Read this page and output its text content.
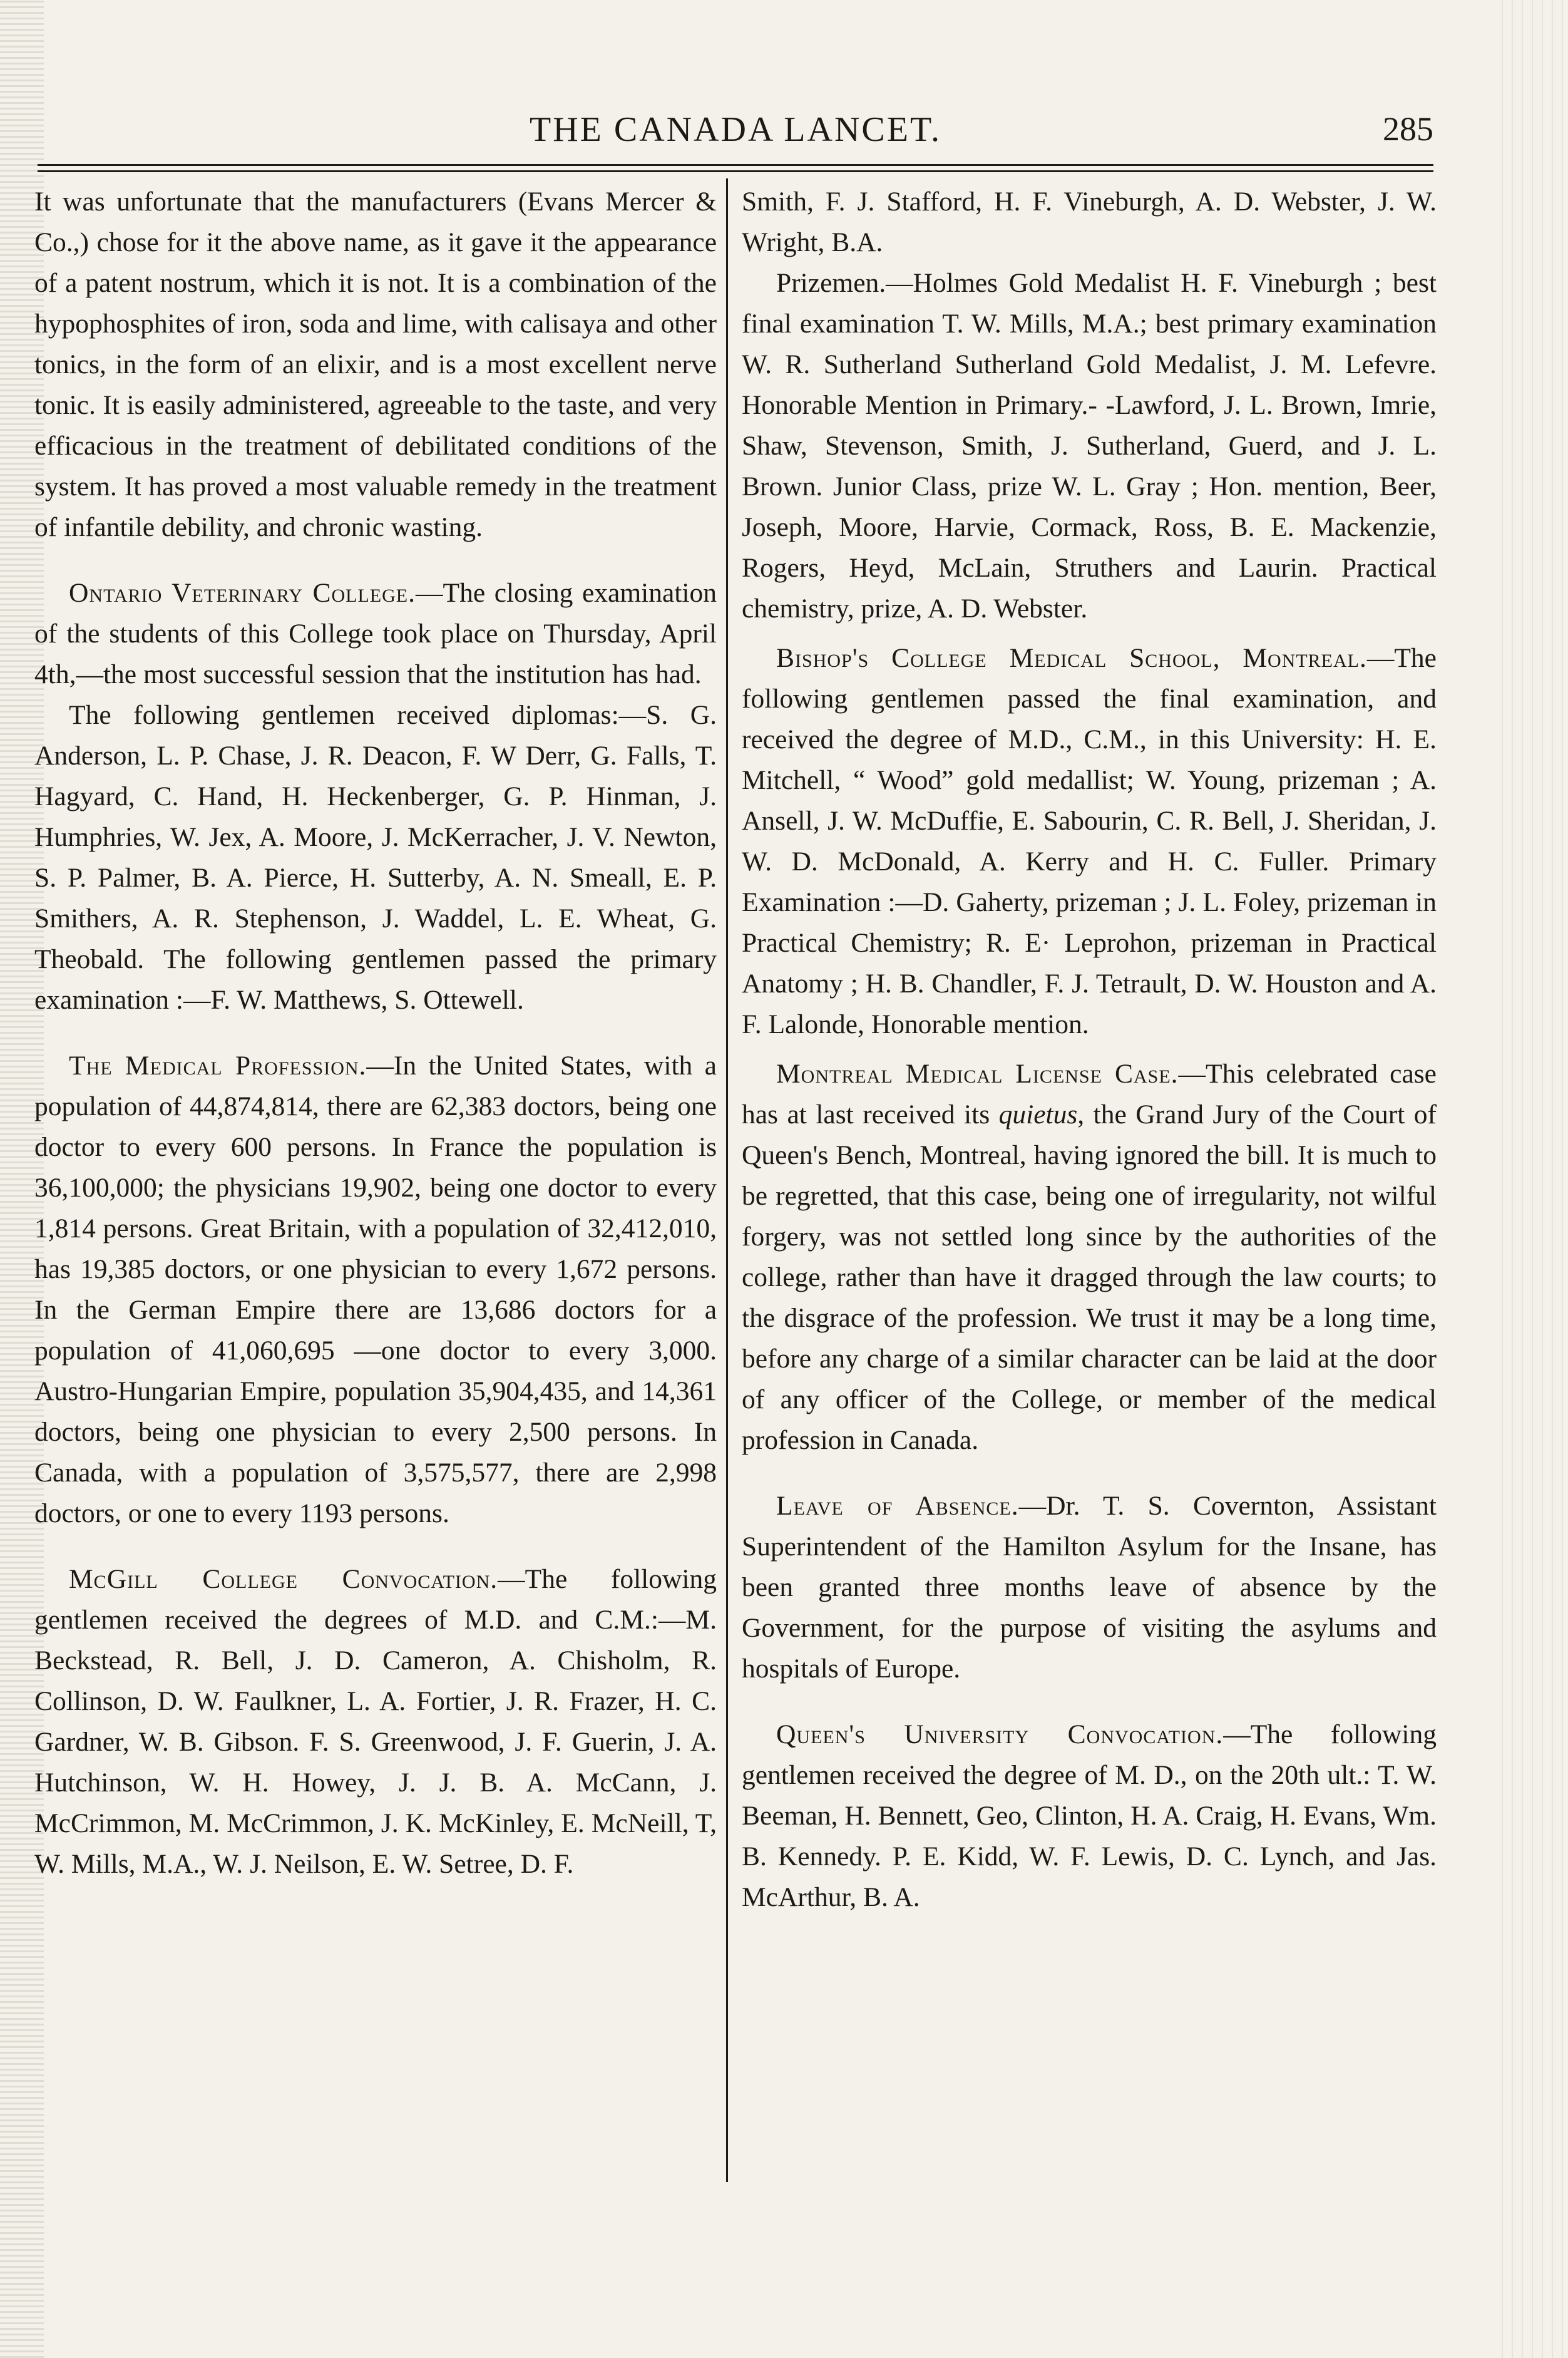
THE CANADA LANCET.	285

It was unfortunate that the manufacturers (Evans Mercer & Co.,) chose for it the above name, as it gave it the appearance of a patent nostrum, which it is not. It is a combination of the hypophosphites of iron, soda and lime, with calisaya and other tonics, in the form of an elixir, and is a most excellent nerve tonic. It is easily administered, agreeable to the taste, and very efficacious in the treatment of debilitated conditions of the system. It has proved a most valuable remedy in the treatment of infantile debility, and chronic wasting.

Ontario Veterinary College.—The closing examination of the students of this College took place on Thursday, April 4th,—the most successful session that the institution has had.

The following gentlemen received diplomas:—S. G. Anderson, L. P. Chase, J. R. Deacon, F. W Derr, G. Falls, T. Hagyard, C. Hand, H. Heckenberger, G. P. Hinman, J. Humphries, W. Jex, A. Moore, J. McKerracher, J. V. Newton, S. P. Palmer, B. A. Pierce, H. Sutterby, A. N. Smeall, E. P. Smithers, A. R. Stephenson, J. Waddel, L. E. Wheat, G. Theobald. The following gentlemen passed the primary examination :—F. W. Matthews, S. Ottewell.

The Medical Profession.—In the United States, with a population of 44,874,814, there are 62,383 doctors, being one doctor to every 600 persons. In France the population is 36,100,000; the physicians 19,902, being one doctor to every 1,814 persons. Great Britain, with a population of 32,412,010, has 19,385 doctors, or one physician to every 1,672 persons. In the German Empire there are 13,686 doctors for a population of 41,060,695 —one doctor to every 3,000. Austro-Hungarian Empire, population 35,904,435, and 14,361 doctors, being one physician to every 2,500 persons. In Canada, with a population of 3,575,577, there are 2,998 doctors, or one to every 1193 persons.

McGill College Convocation.—The following gentlemen received the degrees of M.D. and C.M.:—M. Beckstead, R. Bell, J. D. Cameron, A. Chisholm, R. Collinson, D. W. Faulkner, L. A. Fortier, J. R. Frazer, H. C. Gardner, W. B. Gibson. F. S. Greenwood, J. F. Guerin, J. A. Hutchinson, W. H. Howey, J. J. B. A. McCann, J. McCrimmon, M. McCrimmon, J. K. McKinley, E. McNeill, T, W. Mills, M.A., W. J. Neilson, E. W. Setree, D. F.

Smith, F. J. Stafford, H. F. Vineburgh, A. D. Webster, J. W. Wright, B.A.

Prizemen.—Holmes Gold Medalist H. F. Vineburgh ; best final examination T. W. Mills, M.A.; best primary examination W. R. Sutherland Sutherland Gold Medalist, J. M. Lefevre. Honorable Mention in Primary.- -Lawford, J. L. Brown, Imrie, Shaw, Stevenson, Smith, J. Sutherland, Guerd, and J. L. Brown. Junior Class, prize W. L. Gray ; Hon. mention, Beer, Joseph, Moore, Harvie, Cormack, Ross, B. E. Mackenzie, Rogers, Heyd, McLain, Struthers and Laurin. Practical chemistry, prize, A. D. Webster.

Bishop's College Medical School, Montreal.—The following gentlemen passed the final examination, and received the degree of M.D., C.M., in this University: H. E. Mitchell, “ Wood” gold medallist; W. Young, prizeman ; A. Ansell, J. W. McDuffie, E. Sabourin, C. R. Bell, J. Sheridan, J. W. D. McDonald, A. Kerry and H. C. Fuller. Primary Examination :—D. Gaherty, prizeman ; J. L. Foley, prizeman in Practical Chemistry; R. E· Leprohon, prizeman in Practical Anatomy ; H. B. Chandler, F. J. Tetrault, D. W. Houston and A. F. Lalonde, Honorable mention.

Montreal Medical License Case.—This celebrated case has at last received its quietus, the Grand Jury of the Court of Queen's Bench, Montreal, having ignored the bill. It is much to be regretted, that this case, being one of irregularity, not wilful forgery, was not settled long since by the authorities of the college, rather than have it dragged through the law courts; to the disgrace of the profession. We trust it may be a long time, before any charge of a similar character can be laid at the door of any officer of the College, or member of the medical profession in Canada.

Leave of Absence.—Dr. T. S. Covernton, Assistant Superintendent of the Hamilton Asylum for the Insane, has been granted three months leave of absence by the Government, for the purpose of visiting the asylums and hospitals of Europe.

Queen's University Convocation.—The following gentlemen received the degree of M. D., on the 20th ult.: T. W. Beeman, H. Bennett, Geo, Clinton, H. A. Craig, H. Evans, Wm. B. Kennedy. P. E. Kidd, W. F. Lewis, D. C. Lynch, and Jas. McArthur, B. A.
